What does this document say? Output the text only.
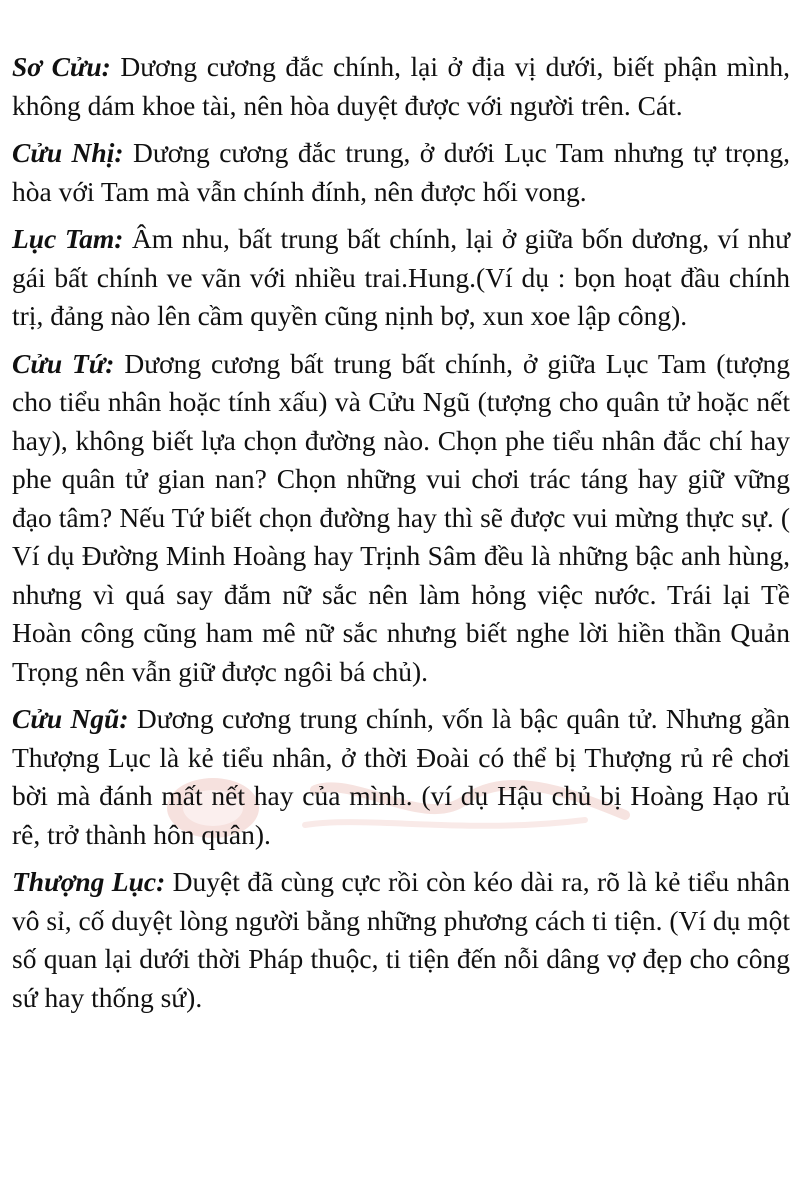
Sơ Cửu: Dương cương đắc chính, lại ở địa vị dưới, biết phận mình, không dám khoe tài, nên hòa duyệt được với người trên. Cát.

Cửu Nhị: Dương cương đắc trung, ở dưới Lục Tam nhưng tự trọng, hòa với Tam mà vẫn chính đính, nên được hối vong.

Lục Tam: Âm nhu, bất trung bất chính, lại ở giữa bốn dương, ví như gái bất chính ve vãn với nhiều trai.Hung.(Ví dụ : bọn hoạt đầu chính trị, đảng nào lên cầm quyền cũng nịnh bợ, xun xoe lập công).

Cửu Tứ: Dương cương bất trung bất chính, ở giữa Lục Tam (tượng cho tiểu nhân hoặc tính xấu) và Cửu Ngũ (tượng cho quân tử hoặc nết hay), không biết lựa chọn đường nào. Chọn phe tiểu nhân đắc chí hay phe quân tử gian nan? Chọn những vui chơi trác táng hay giữ vững đạo tâm? Nếu Tứ biết chọn đường hay thì sẽ được vui mừng thực sự. ( Ví dụ Đường Minh Hoàng hay Trịnh Sâm đều là những bậc anh hùng, nhưng vì quá say đắm nữ sắc nên làm hỏng việc nước. Trái lại Tề Hoàn công cũng ham mê nữ sắc nhưng biết nghe lời hiền thần Quản Trọng nên vẫn giữ được ngôi bá chủ).

Cửu Ngũ: Dương cương trung chính, vốn là bậc quân tử. Nhưng gần Thượng Lục là kẻ tiểu nhân, ở thời Đoài có thể bị Thượng rủ rê chơi bời mà đánh mất nết hay của mình. (ví dụ Hậu chủ bị Hoàng Hạo rủ rê, trở thành hôn quân).

Thượng Lục: Duyệt đã cùng cực rồi còn kéo dài ra, rõ là kẻ tiểu nhân vô sỉ, cố duyệt lòng người bằng những phương cách ti tiện. (Ví dụ một số quan lại dưới thời Pháp thuộc, ti tiện đến nỗi dâng vợ đẹp cho công sứ hay thống sứ).
